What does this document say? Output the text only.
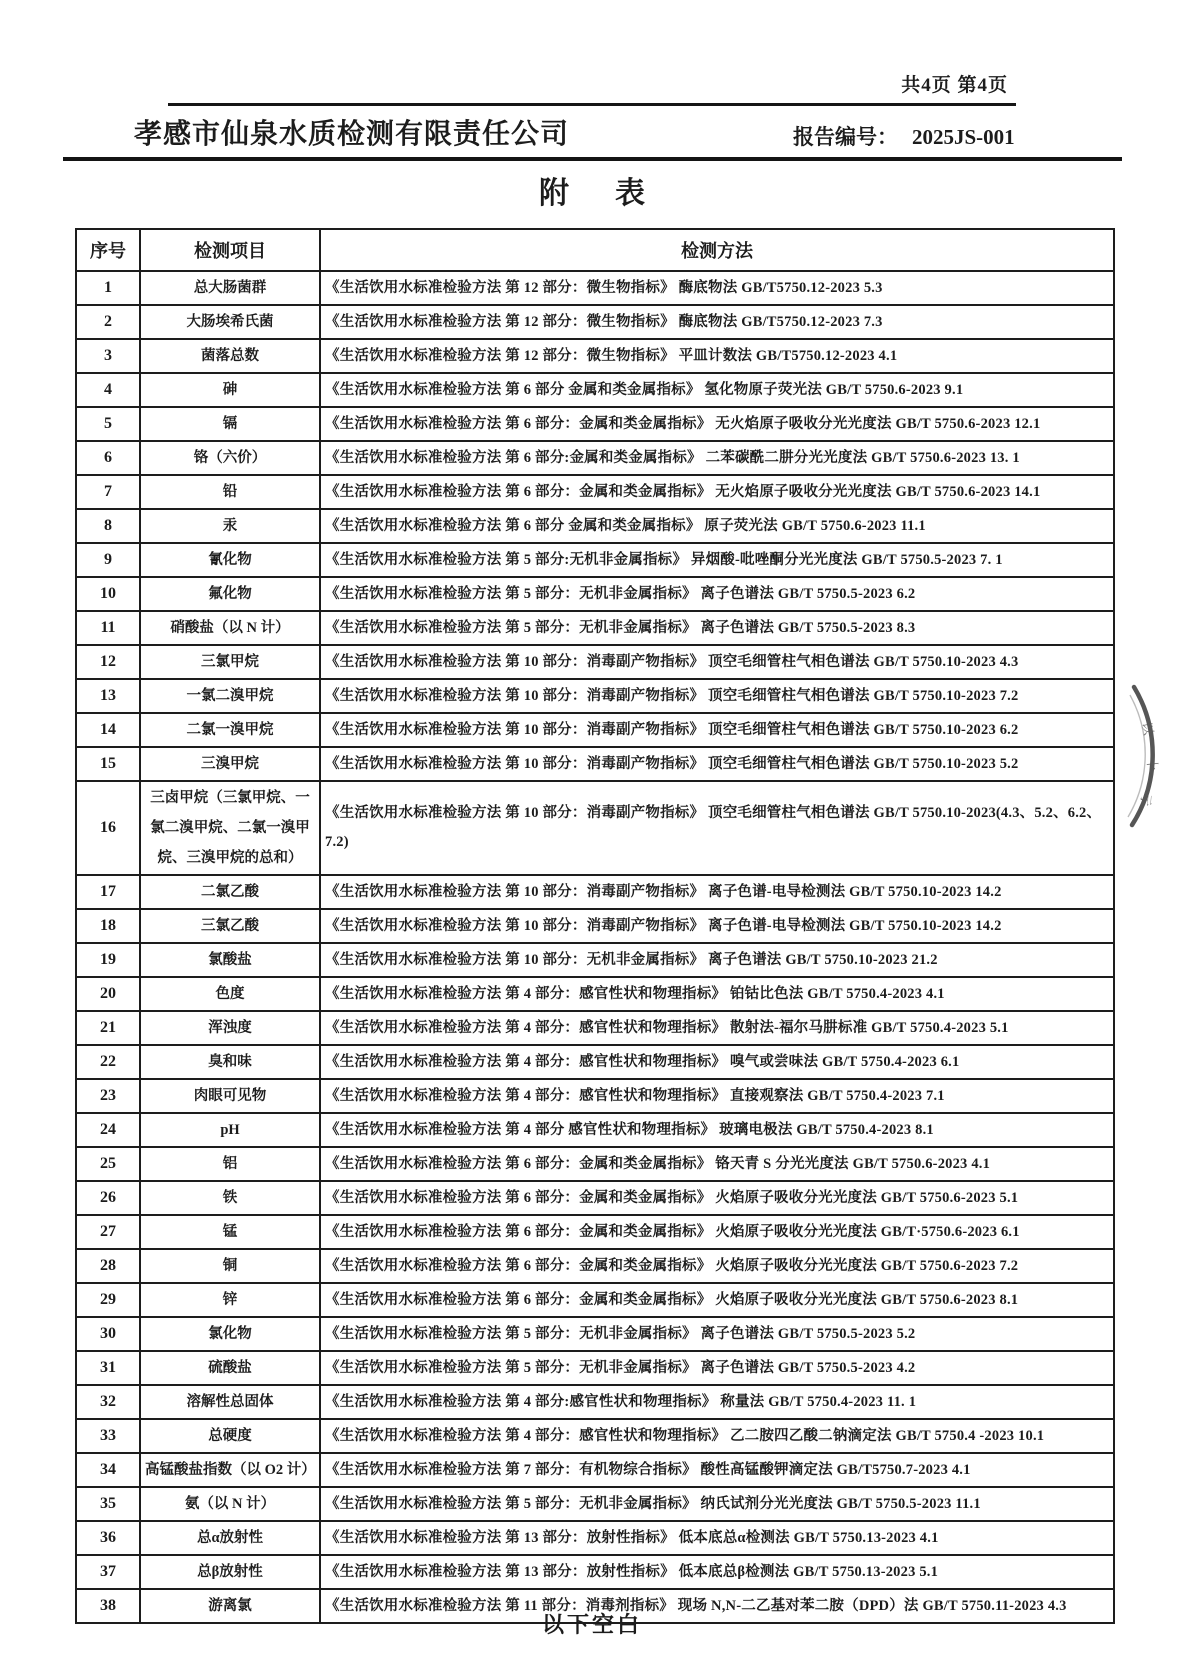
共4页 第4页
孝感市仙泉水质检测有限责任公司	报告编号： 2025JS-001
附 表
序号	检测项目	检测方法
1	总大肠菌群	《生活饮用水标准检验方法 第 12 部分：微生物指标》 酶底物法 GB/T5750.12-2023 5.3
2	大肠埃希氏菌	《生活饮用水标准检验方法 第 12 部分：微生物指标》 酶底物法 GB/T5750.12-2023 7.3
3	菌落总数	《生活饮用水标准检验方法 第 12 部分：微生物指标》 平皿计数法 GB/T5750.12-2023 4.1
4	砷	《生活饮用水标准检验方法 第 6 部分 金属和类金属指标》 氢化物原子荧光法 GB/T 5750.6-2023 9.1
5	镉	《生活饮用水标准检验方法 第 6 部分：金属和类金属指标》 无火焰原子吸收分光光度法 GB/T 5750.6-2023 12.1
6	铬（六价）	《生活饮用水标准检验方法 第 6 部分:金属和类金属指标》 二苯碳酰二肼分光光度法 GB/T 5750.6-2023 13. 1
7	铅	《生活饮用水标准检验方法 第 6 部分：金属和类金属指标》 无火焰原子吸收分光光度法 GB/T 5750.6-2023 14.1
8	汞	《生活饮用水标准检验方法 第 6 部分 金属和类金属指标》 原子荧光法 GB/T 5750.6-2023 11.1
9	氰化物	《生活饮用水标准检验方法 第 5 部分:无机非金属指标》 异烟酸-吡唑酮分光光度法 GB/T 5750.5-2023 7. 1
10	氟化物	《生活饮用水标准检验方法 第 5 部分：无机非金属指标》 离子色谱法 GB/T 5750.5-2023 6.2
11	硝酸盐（以 N 计）	《生活饮用水标准检验方法 第 5 部分：无机非金属指标》 离子色谱法 GB/T 5750.5-2023 8.3
12	三氯甲烷	《生活饮用水标准检验方法 第 10 部分：消毒副产物指标》 顶空毛细管柱气相色谱法 GB/T 5750.10-2023 4.3
13	一氯二溴甲烷	《生活饮用水标准检验方法 第 10 部分：消毒副产物指标》 顶空毛细管柱气相色谱法 GB/T 5750.10-2023 7.2
14	二氯一溴甲烷	《生活饮用水标准检验方法 第 10 部分：消毒副产物指标》 顶空毛细管柱气相色谱法 GB/T 5750.10-2023 6.2
15	三溴甲烷	《生活饮用水标准检验方法 第 10 部分：消毒副产物指标》 顶空毛细管柱气相色谱法 GB/T 5750.10-2023 5.2
16	三卤甲烷（三氯甲烷、一氯二溴甲烷、二氯一溴甲烷、三溴甲烷的总和）	《生活饮用水标准检验方法 第 10 部分：消毒副产物指标》 顶空毛细管柱气相色谱法 GB/T 5750.10-2023(4.3、5.2、6.2、7.2)
17	二氯乙酸	《生活饮用水标准检验方法 第 10 部分：消毒副产物指标》 离子色谱-电导检测法 GB/T 5750.10-2023 14.2
18	三氯乙酸	《生活饮用水标准检验方法 第 10 部分：消毒副产物指标》 离子色谱-电导检测法 GB/T 5750.10-2023 14.2
19	氯酸盐	《生活饮用水标准检验方法 第 10 部分：无机非金属指标》 离子色谱法 GB/T 5750.10-2023 21.2
20	色度	《生活饮用水标准检验方法 第 4 部分：感官性状和物理指标》 铂钴比色法 GB/T 5750.4-2023 4.1
21	浑浊度	《生活饮用水标准检验方法 第 4 部分：感官性状和物理指标》 散射法-福尔马肼标准 GB/T 5750.4-2023 5.1
22	臭和味	《生活饮用水标准检验方法 第 4 部分：感官性状和物理指标》 嗅气或尝味法 GB/T 5750.4-2023 6.1
23	肉眼可见物	《生活饮用水标准检验方法 第 4 部分：感官性状和物理指标》 直接观察法 GB/T 5750.4-2023 7.1
24	pH	《生活饮用水标准检验方法 第 4 部分 感官性状和物理指标》 玻璃电极法 GB/T 5750.4-2023 8.1
25	铝	《生活饮用水标准检验方法 第 6 部分：金属和类金属指标》 铬天青 S 分光光度法 GB/T 5750.6-2023 4.1
26	铁	《生活饮用水标准检验方法 第 6 部分：金属和类金属指标》 火焰原子吸收分光光度法 GB/T 5750.6-2023 5.1
27	锰	《生活饮用水标准检验方法 第 6 部分：金属和类金属指标》 火焰原子吸收分光光度法 GB/T·5750.6-2023 6.1
28	铜	《生活饮用水标准检验方法 第 6 部分：金属和类金属指标》 火焰原子吸收分光光度法 GB/T 5750.6-2023 7.2
29	锌	《生活饮用水标准检验方法 第 6 部分：金属和类金属指标》 火焰原子吸收分光光度法 GB/T 5750.6-2023 8.1
30	氯化物	《生活饮用水标准检验方法 第 5 部分：无机非金属指标》 离子色谱法 GB/T 5750.5-2023 5.2
31	硫酸盐	《生活饮用水标准检验方法 第 5 部分：无机非金属指标》 离子色谱法 GB/T 5750.5-2023 4.2
32	溶解性总固体	《生活饮用水标准检验方法 第 4 部分:感官性状和物理指标》 称量法 GB/T 5750.4-2023 11. 1
33	总硬度	《生活饮用水标准检验方法 第 4 部分：感官性状和物理指标》 乙二胺四乙酸二钠滴定法 GB/T 5750.4 -2023 10.1
34	高锰酸盐指数（以 O2 计）	《生活饮用水标准检验方法 第 7 部分：有机物综合指标》 酸性高锰酸钾滴定法 GB/T5750.7-2023 4.1
35	氨（以 N 计）	《生活饮用水标准检验方法 第 5 部分：无机非金属指标》 纳氏试剂分光光度法 GB/T 5750.5-2023 11.1
36	总α放射性	《生活饮用水标准检验方法 第 13 部分：放射性指标》 低本底总α检测法 GB/T 5750.13-2023 4.1
37	总β放射性	《生活饮用水标准检验方法 第 13 部分：放射性指标》 低本底总β检测法 GB/T 5750.13-2023 5.1
38	游离氯	《生活饮用水标准检验方法 第 11 部分：消毒剂指标》 现场 N,N-二乙基对苯二胺（DPD）法 GB/T 5750.11-2023 4.3
以
十
亍
以下空白
